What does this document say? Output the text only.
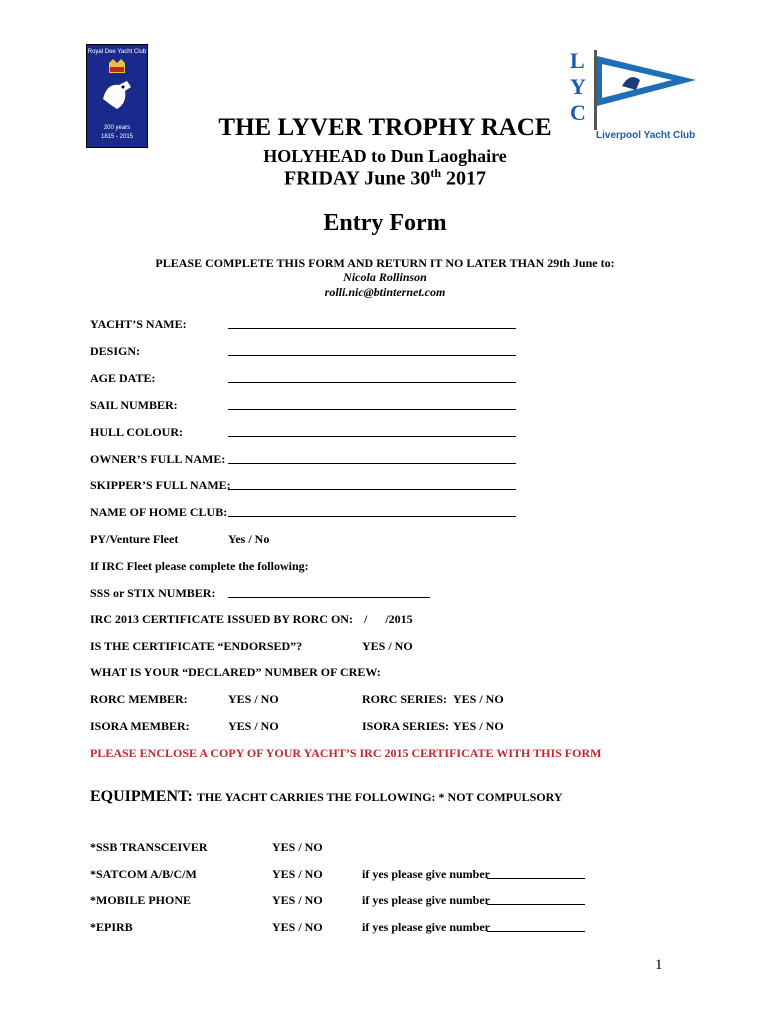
Royal Dee Yacht Club
200 years
1815 - 2015
L
Y
C
Liverpool Yacht Club
THE LYVER TROPHY RACE
HOLYHEAD to Dun Laoghaire
FRIDAY June 30th 2017
Entry Form
PLEASE COMPLETE THIS FORM AND RETURN IT NO LATER THAN 29th June to:
Nicola Rollinson
rolli.nic@btinternet.com
YACHT’S NAME:
DESIGN:
AGE DATE:
SAIL NUMBER:
HULL COLOUR:
OWNER’S FULL NAME:
SKIPPER’S FULL NAME:
NAME OF HOME CLUB:
PY/Venture Fleet	Yes / No
If IRC Fleet please complete the following:
SSS or STIX NUMBER:
IRC 2013 CERTIFICATE ISSUED BY RORC ON: /      /2015
IS THE CERTIFICATE “ENDORSED”?	YES / NO
WHAT IS YOUR “DECLARED” NUMBER OF CREW:
RORC MEMBER:	YES / NO	RORC SERIES: YES / NO
ISORA MEMBER:	YES / NO	ISORA SERIES: YES / NO
PLEASE ENCLOSE A COPY OF YOUR YACHT’S IRC 2015 CERTIFICATE WITH THIS FORM
EQUIPMENT: THE YACHT CARRIES THE FOLLOWING: * NOT COMPULSORY
*SSB TRANSCEIVER	YES / NO
*SATCOM A/B/C/M	YES / NO	if yes please give number
*MOBILE PHONE	YES / NO	if yes please give number
*EPIRB	YES / NO	if yes please give number
1
